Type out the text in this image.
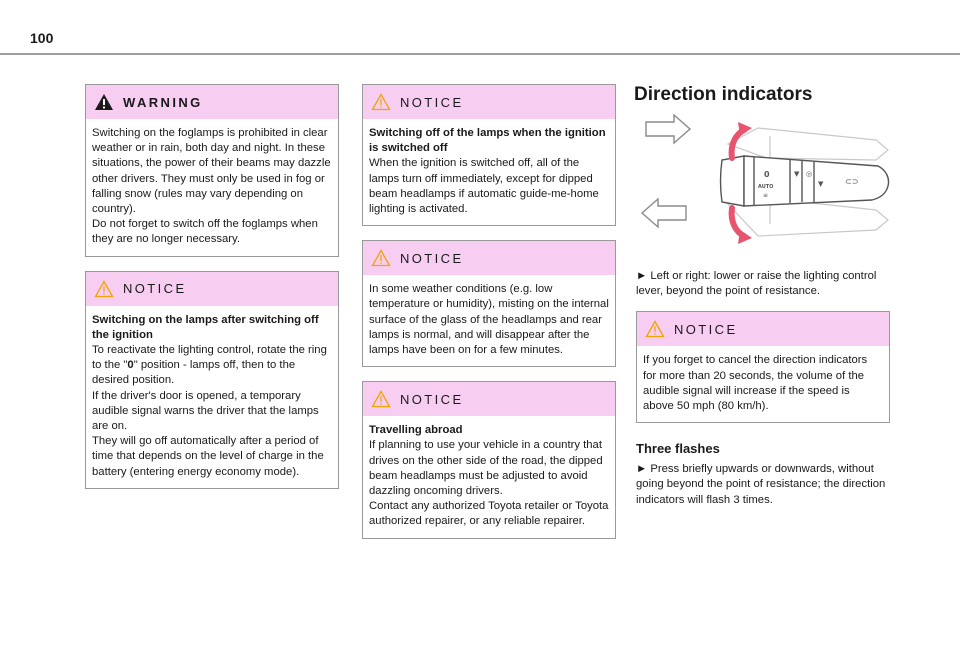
100
WARNING

Switching on the foglamps is prohibited in clear weather or in rain, both day and night. In these situations, the power of their beams may dazzle other drivers. They must only be used in fog or falling snow (rules may vary depending on country).

Do not forget to switch off the foglamps when they are no longer necessary.

NOTICE

Switching on the lamps after switching off the ignition

To reactivate the lighting control, rotate the ring to the "0" position - lamps off, then to the desired position.

If the driver's door is opened, a temporary audible signal warns the driver that the lamps are on.

They will go off automatically after a period of time that depends on the level of charge in the battery (entering energy economy mode).

NOTICE

Switching off of the lamps when the ignition is switched off

When the ignition is switched off, all of the lamps turn off immediately, except for dipped beam headlamps if automatic guide-me-home lighting is activated.

NOTICE

In some weather conditions (e.g. low temperature or humidity), misting on the internal surface of the glass of the headlamps and rear lamps is normal, and will disappear after the lamps have been on for a few minutes.

NOTICE

Travelling abroad

If planning to use your vehicle in a country that drives on the other side of the road, the dipped beam headlamps must be adjusted to avoid dazzling oncoming drivers.

Contact any authorized Toyota retailer or Toyota authorized repairer, or any reliable repairer.

Direction indicators
0
AUTO
≡
▼ ◎
▼	⊂⊃

► Left or right: lower or raise the lighting control lever, beyond the point of resistance.

NOTICE

If you forget to cancel the direction indicators for more than 20 seconds, the volume of the audible signal will increase if the speed is above 50 mph (80 km/h).

Three flashes

► Press briefly upwards or downwards, without going beyond the point of resistance; the direction indicators will flash 3 times.
